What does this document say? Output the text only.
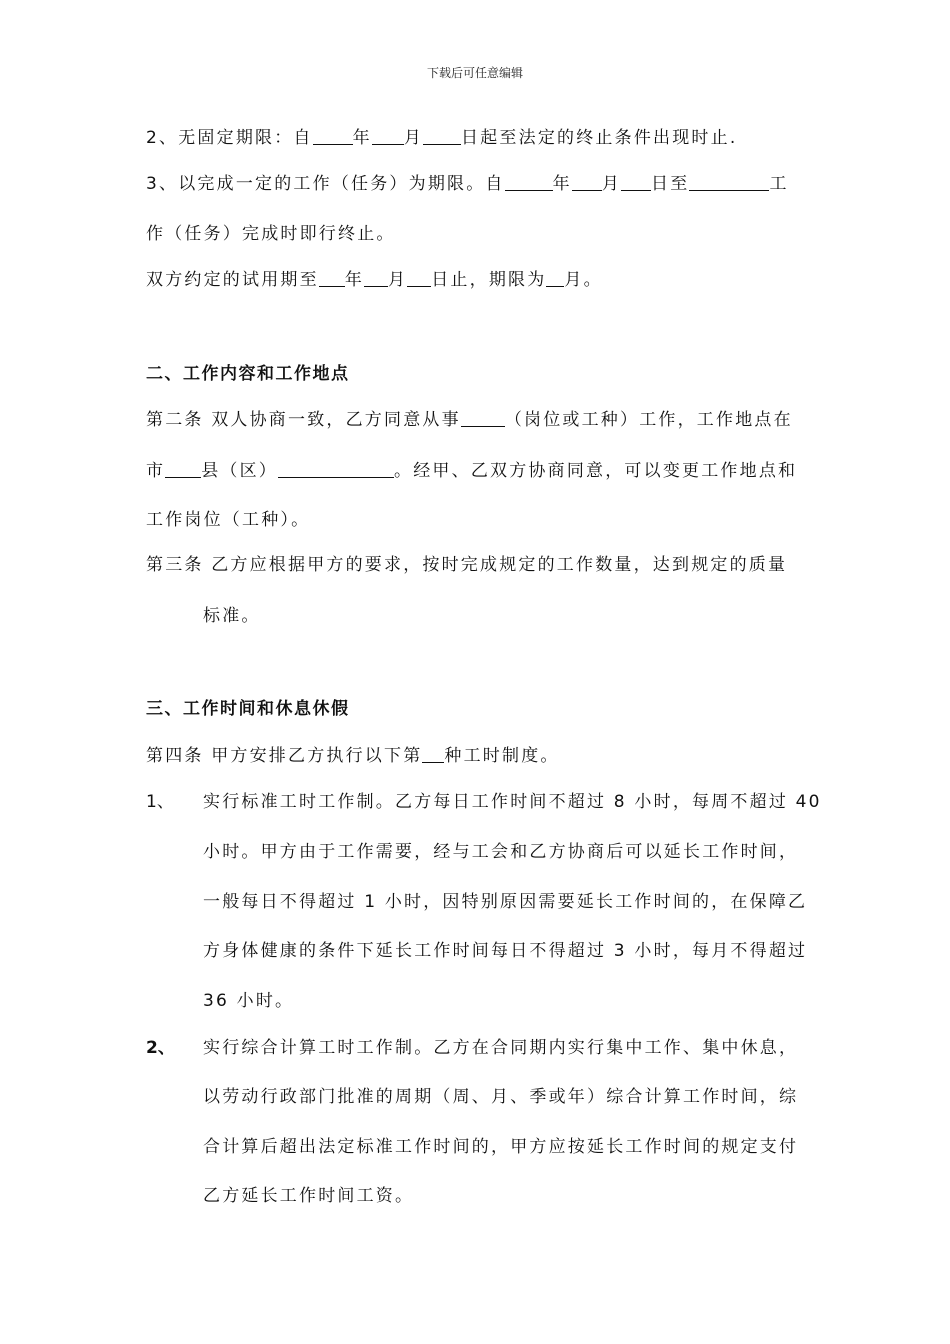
下载后可任意编辑
2、无固定期限：自 年 月 日起至法定的终止条件出现时止.
3、以完成一定的工作（任务）为期限。自	年 月 日至	工
作（任务）完成时即行终止。
双方约定的试用期至 年 月 日止，期限为 月。
二、工作内容和工作地点
第二条 双人协商一致，乙方同意从事	（岗位或工种）工作，工作地点在
市 县（区）	。经甲、乙双方协商同意，可以变更工作地点和
工作岗位（工种）。
第三条 乙方应根据甲方的要求，按时完成规定的工作数量，达到规定的质量
标准。
三、工作时间和休息休假
第四条 甲方安排乙方执行以下第 种工时制度。
1、 实行标准工时工作制。乙方每日工作时间不超过 8 小时，每周不超过 40
小时。甲方由于工作需要，经与工会和乙方协商后可以延长工作时间，
一般每日不得超过 1 小时，因特别原因需要延长工作时间的，在保障乙
方身体健康的条件下延长工作时间每日不得超过 3 小时，每月不得超过
36 小时。
2、 实行综合计算工时工作制。乙方在合同期内实行集中工作、集中休息，
以劳动行政部门批准的周期（周、月、季或年）综合计算工作时间，综
合计算后超出法定标准工作时间的，甲方应按延长工作时间的规定支付
乙方延长工作时间工资。
